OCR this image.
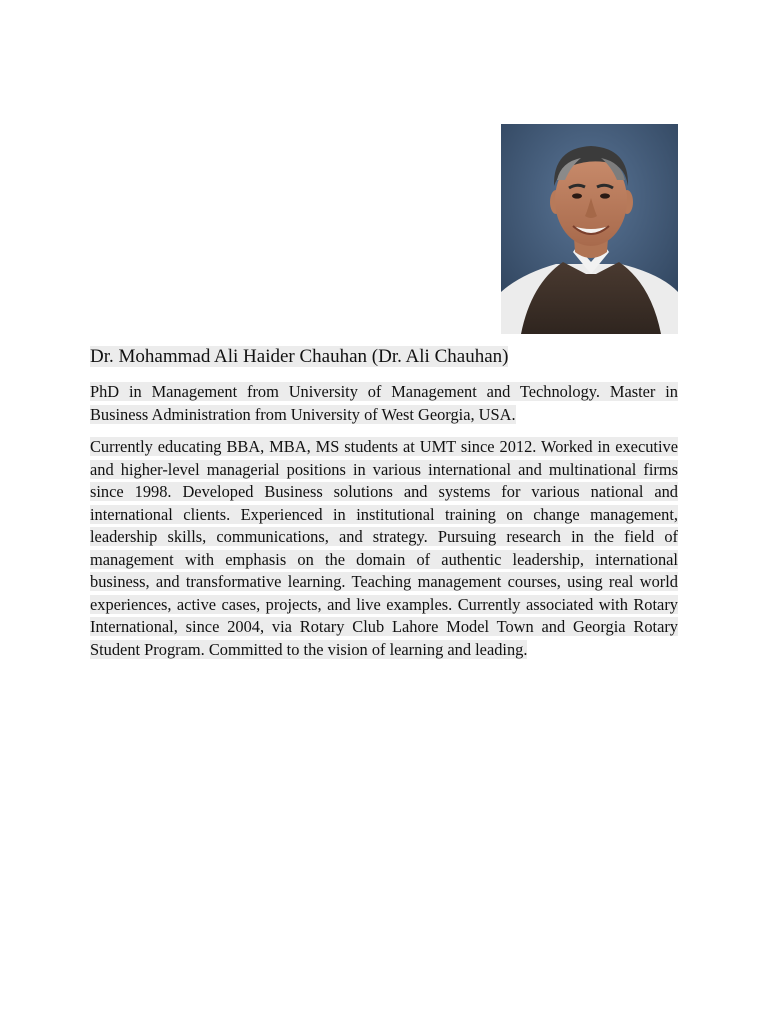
Dr. Mohammad Ali Haider Chauhan (Dr. Ali Chauhan)

PhD in Management from University of Management and Technology. Master in Business Administration from University of West Georgia, USA.

Currently educating BBA, MBA, MS students at UMT since 2012. Worked in executive and higher-level managerial positions in various international and multinational firms since 1998. Developed Business solutions and systems for various national and international clients. Experienced in institutional training on change management, leadership skills, communications, and strategy. Pursuing research in the field of management with emphasis on the domain of authentic leadership, international business, and transformative learning. Teaching management courses, using real world experiences, active cases, projects, and live examples. Currently associated with Rotary International, since 2004, via Rotary Club Lahore Model Town and Georgia Rotary Student Program. Committed to the vision of learning and leading.
